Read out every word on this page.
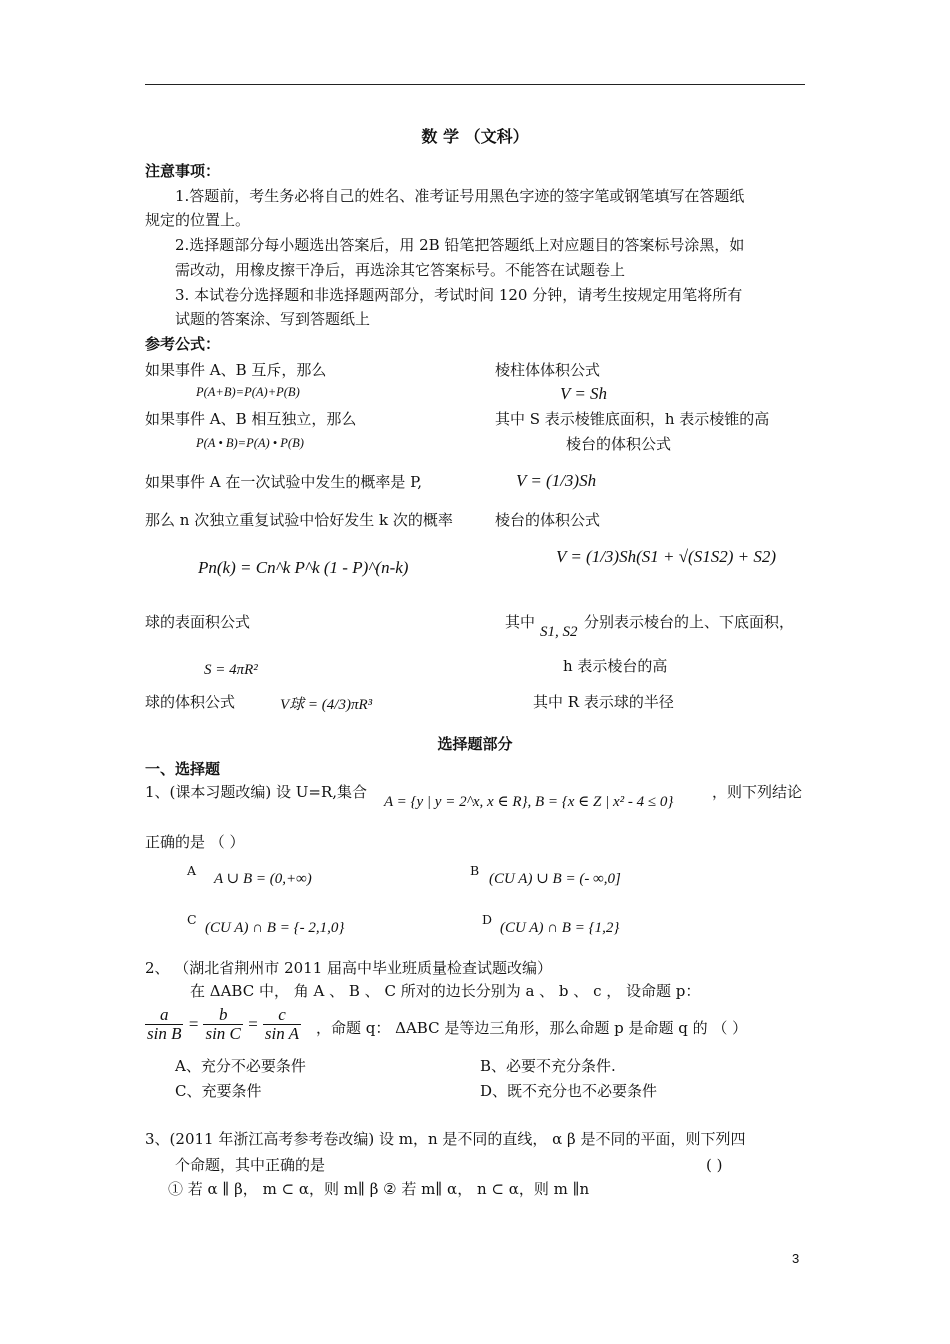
数 学 （文科）
注意事项：
1.答题前，考生务必将自己的姓名、准考证号用黑色字迹的签字笔或钢笔填写在答题纸
规定的位置上。
2.选择题部分每小题选出答案后，用 2B 铅笔把答题纸上对应题目的答案标号涂黑，如
需改动，用橡皮擦干净后，再选涂其它答案标号。不能答在试题卷上
3. 本试卷分选择题和非选择题两部分，考试时间 120 分钟，请考生按规定用笔将所有
试题的答案涂、写到答题纸上
参考公式：
如果事件 A、B 互斥，那么
P(A+B)=P(A)+P(B)
如果事件 A、B 相互独立，那么
P(A • B)=P(A) • P(B)
如果事件 A 在一次试验中发生的概率是 P,
那么 n 次独立重复试验中恰好发生 k 次的概率
Pn(k) = Cn^k P^k (1 - P)^(n-k)
球的表面积公式
S = 4πR²
球的体积公式	V球 = (4/3)πR³
棱柱体体积公式
V = Sh
其中 S 表示棱锥底面积，h 表示棱锥的高
棱台的体积公式
V = (1/3)Sh
棱台的体积公式
V = (1/3)Sh(S1 + √(S1S2) + S2)
其中
S1, S2
分别表示棱台的上、下底面积，
h 表示棱台的高
其中 R 表示球的半径
选择题部分
一、选择题
1、(课本习题改编) 设 U=R,集合
A = {y | y = 2^x, x ∈ R}, B = {x ∈ Z | x² - 4 ≤ 0}
，则下列结论
正确的是 （ ）
A
A ∪ B = (0,+∞)
B
(CU A) ∪ B = (- ∞,0]
C
(CU A) ∩ B = {- 2,1,0}
D
(CU A) ∩ B = {1,2}
2、 （湖北省荆州市 2011 届高中毕业班质量检查试题改编）
在 ΔABC 中， 角 A 、 B 、 C 所对的边长分别为 a 、 b 、 c ， 设命题 p：
$\frac{a}{\text{sin B}} = \frac{b}{\text{sin C}} = \frac{c}{\text{sin A}}$ ，命题 q： ΔABC 是等边三角形，那么命题 p 是命题 q 的 （ ）
A、充分不必要条件	B、必要不充分条件.
C、充要条件	D、既不充分也不必要条件
3、(2011 年浙江高考参考卷改编) 设 m，n 是不同的直线， α β 是不同的平面，则下列四
个命题，其中正确的是	( )
① 若 α ∥ β， m ⊂ α，则 m∥ β ② 若 m∥ α， n ⊂ α，则 m ∥n
3
